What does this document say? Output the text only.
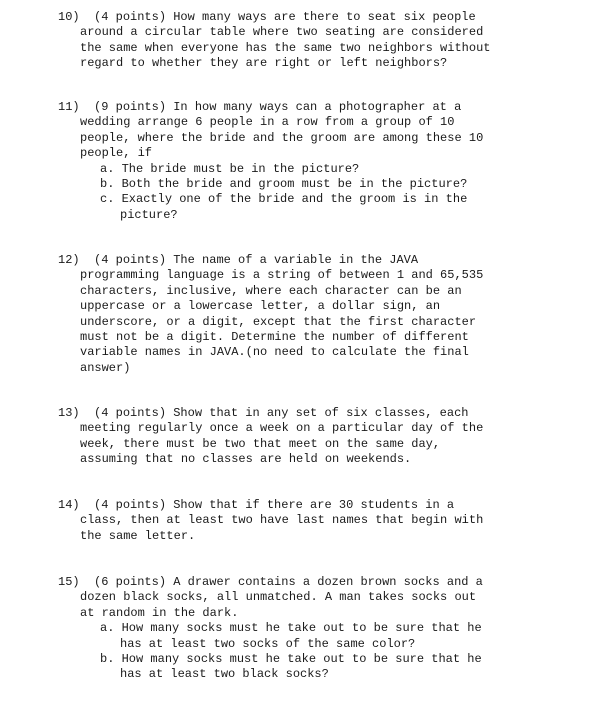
10) (4 points) How many ways are there to seat six people

around a circular table where two seating are considered

the same when everyone has the same two neighbors without

regard to whether they are right or left neighbors?

11) (9 points) In how many ways can a photographer at a

wedding arrange 6 people in a row from a group of 10

people, where the bride and the groom are among these 10

people, if

a. The bride must be in the picture?

b. Both the bride and groom must be in the picture?

c. Exactly one of the bride and the groom is in the

picture?

12) (4 points) The name of a variable in the JAVA

programming language is a string of between 1 and 65,535

characters, inclusive, where each character can be an

uppercase or a lowercase letter, a dollar sign, an

underscore, or a digit, except that the first character

must not be a digit. Determine the number of different

variable names in JAVA.(no need to calculate the final

answer)

13) (4 points) Show that in any set of six classes, each

meeting regularly once a week on a particular day of the

week, there must be two that meet on the same day,

assuming that no classes are held on weekends.

14) (4 points) Show that if there are 30 students in a

class, then at least two have last names that begin with

the same letter.

15) (6 points) A drawer contains a dozen brown socks and a

dozen black socks, all unmatched. A man takes socks out

at random in the dark.

a. How many socks must he take out to be sure that he

has at least two socks of the same color?

b. How many socks must he take out to be sure that he

has at least two black socks?
